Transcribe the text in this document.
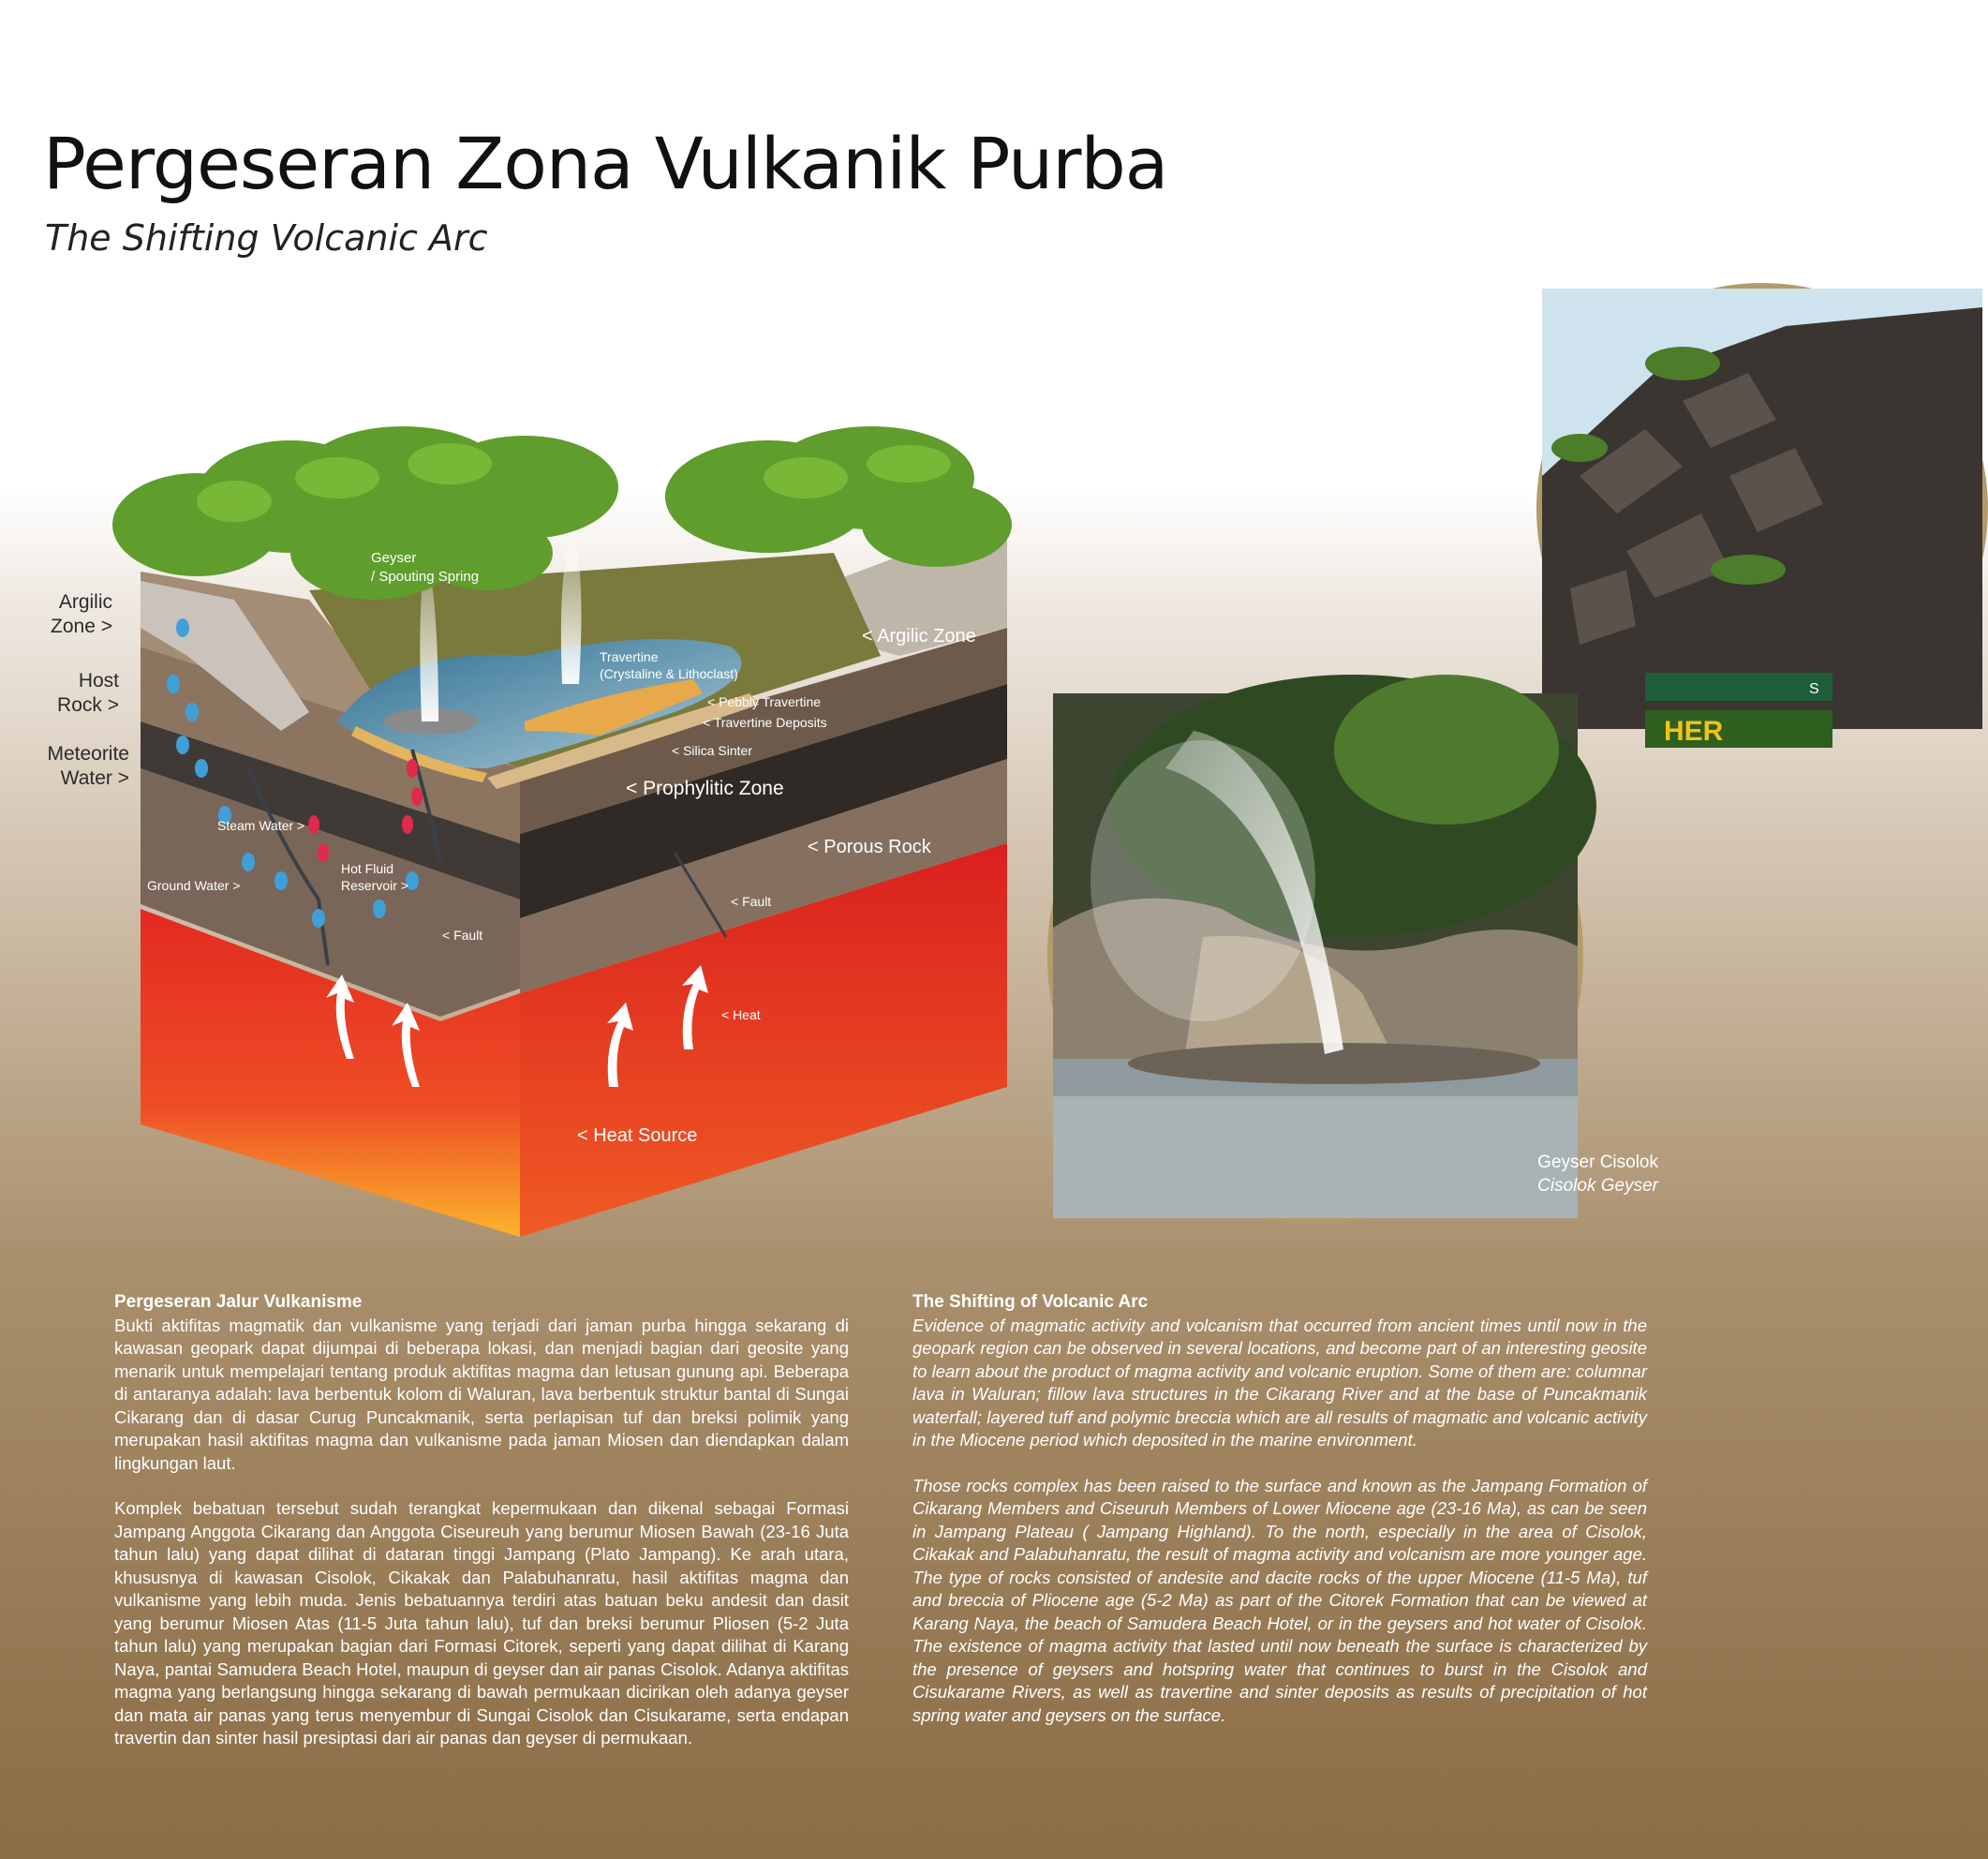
Pergeseran Zona Vulkanik Purba
The Shifting Volcanic Arc
Argilic
Zone >
Host
Rock >
Meteorite
Water >
Geyser
/ Spouting Spring
Travertine
(Crystaline & Lithoclast)
< Pebbly Travertine
< Travertine Deposits
< Silica Sinter
< Argilic Zone
< Prophylitic Zone
< Porous Rock
Steam Water >
Ground Water >
Hot Fluid
Reservoir >
< Fault
< Fault
< Heat
< Heat Source
S
HER
Geyser Cisolok
Cisolok Geyser
Pergeseran Jalur Vulkanisme

Bukti aktifitas magmatik dan vulkanisme yang terjadi dari jaman purba hingga sekarang di kawasan geopark dapat dijumpai di beberapa lokasi, dan menjadi bagian dari geosite yang menarik untuk mempelajari tentang produk aktifitas magma dan letusan gunung api. Beberapa di antaranya adalah: lava berbentuk kolom di Waluran, lava berbentuk struktur bantal di Sungai Cikarang dan di dasar Curug Puncakmanik, serta perlapisan tuf dan breksi polimik yang merupakan hasil aktifitas magma dan vulkanisme pada jaman Miosen dan diendapkan dalam lingkungan laut.

Komplek bebatuan tersebut sudah terangkat kepermukaan dan dikenal sebagai Formasi Jampang Anggota Cikarang dan Anggota Ciseureuh yang berumur Miosen Bawah (23-16 Juta tahun lalu) yang dapat dilihat di dataran tinggi Jampang (Plato Jampang). Ke arah utara, khususnya di kawasan Cisolok, Cikakak dan Palabuhanratu, hasil aktifitas magma dan vulkanisme yang lebih muda. Jenis bebatuannya terdiri atas batuan beku andesit dan dasit yang berumur Miosen Atas (11-5 Juta tahun lalu), tuf dan breksi berumur Pliosen (5-2 Juta tahun lalu) yang merupakan bagian dari Formasi Citorek, seperti yang dapat dilihat di Karang Naya, pantai Samudera Beach Hotel, maupun di geyser dan air panas Cisolok. Adanya aktifitas magma yang berlangsung hingga sekarang di bawah permukaan dicirikan oleh adanya geyser dan mata air panas yang terus menyembur di Sungai Cisolok dan Cisukarame, serta endapan travertin dan sinter hasil presiptasi dari air panas dan geyser di permukaan.

The Shifting of Volcanic Arc

Evidence of magmatic activity and volcanism that occurred from ancient times until now in the geopark region can be observed in several locations, and become part of an interesting geosite to learn about the product of magma activity and volcanic eruption. Some of them are: columnar lava in Waluran; fillow lava structures in the Cikarang River and at the base of Puncakmanik waterfall; layered tuff and polymic breccia which are all results of magmatic and volcanic activity in the Miocene period which deposited in the marine environment.

Those rocks complex has been raised to the surface and known as the Jampang Formation of Cikarang Members and Ciseuruh Members of Lower Miocene age (23-16 Ma), as can be seen in Jampang Plateau ( Jampang Highland). To the north, especially in the area of Cisolok, Cikakak and Palabuhanratu, the result of magma activity and volcanism are more younger age. The type of rocks consisted of andesite and dacite rocks of the upper Miocene (11-5 Ma), tuf and breccia of Pliocene age (5-2 Ma) as part of the Citorek Formation that can be viewed at Karang Naya, the beach of Samudera Beach Hotel, or in the geysers and hot water of Cisolok. The existence of magma activity that lasted until now beneath the surface is characterized by the presence of geysers and hotspring water that continues to burst in the Cisolok and Cisukarame Rivers, as well as travertine and sinter deposits as results of precipitation of hot spring water and geysers on the surface.
